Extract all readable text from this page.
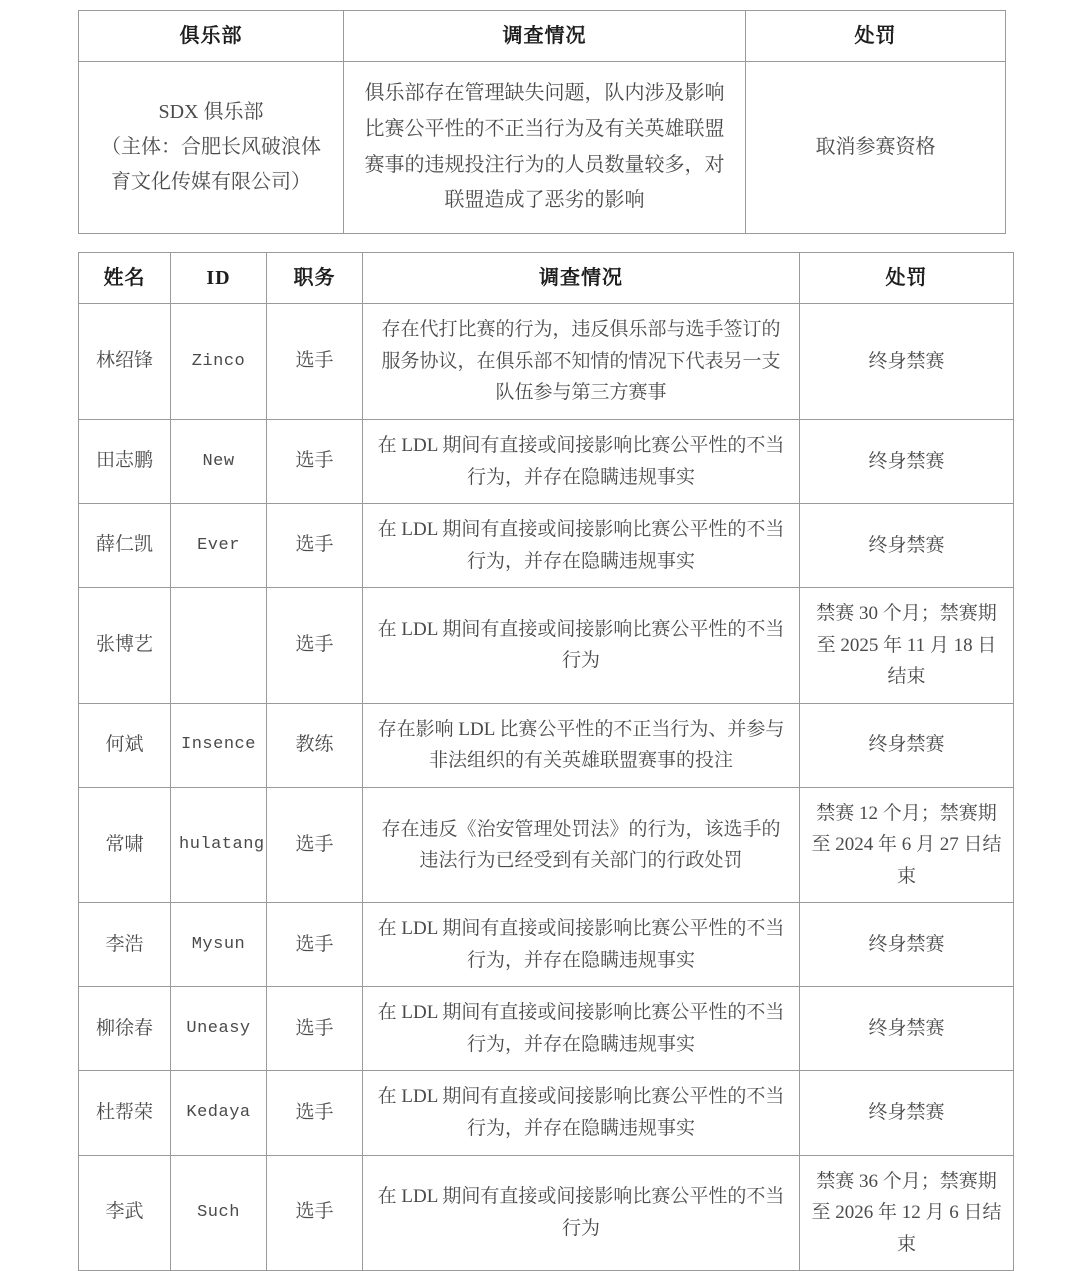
俱乐部	调查情况	处罚

SDX 俱乐部
（主体：合肥长风破浪体育文化传媒有限公司）	俱乐部存在管理缺失问题，队内涉及影响比赛公平性的不正当行为及有关英雄联盟赛事的违规投注行为的人员数量较多，对联盟造成了恶劣的影响	取消参赛资格
姓名	ID	职务	调查情况	处罚
林绍锋	Zinco	选手	存在代打比赛的行为，违反俱乐部与选手签订的服务协议，在俱乐部不知情的情况下代表另一支队伍参与第三方赛事	终身禁赛
田志鹏	New	选手	在 LDL 期间有直接或间接影响比赛公平性的不当行为，并存在隐瞒违规事实	终身禁赛
薛仁凯	Ever	选手	在 LDL 期间有直接或间接影响比赛公平性的不当行为，并存在隐瞒违规事实	终身禁赛
张博艺		选手	在 LDL 期间有直接或间接影响比赛公平性的不当行为	禁赛 30 个月；禁赛期至 2025 年 11 月 18 日结束
何斌	Insence	教练	存在影响 LDL 比赛公平性的不正当行为、并参与非法组织的有关英雄联盟赛事的投注	终身禁赛
常啸	hulatang	选手	存在违反《治安管理处罚法》的行为，该选手的违法行为已经受到有关部门的行政处罚	禁赛 12 个月；禁赛期至 2024 年 6 月 27 日结束
李浩	Mysun	选手	在 LDL 期间有直接或间接影响比赛公平性的不当行为，并存在隐瞒违规事实	终身禁赛
柳徐春	Uneasy	选手	在 LDL 期间有直接或间接影响比赛公平性的不当行为，并存在隐瞒违规事实	终身禁赛
杜帮荣	Kedaya	选手	在 LDL 期间有直接或间接影响比赛公平性的不当行为，并存在隐瞒违规事实	终身禁赛
李武	Such	选手	在 LDL 期间有直接或间接影响比赛公平性的不当行为	禁赛 36 个月；禁赛期至 2026 年 12 月 6 日结束
